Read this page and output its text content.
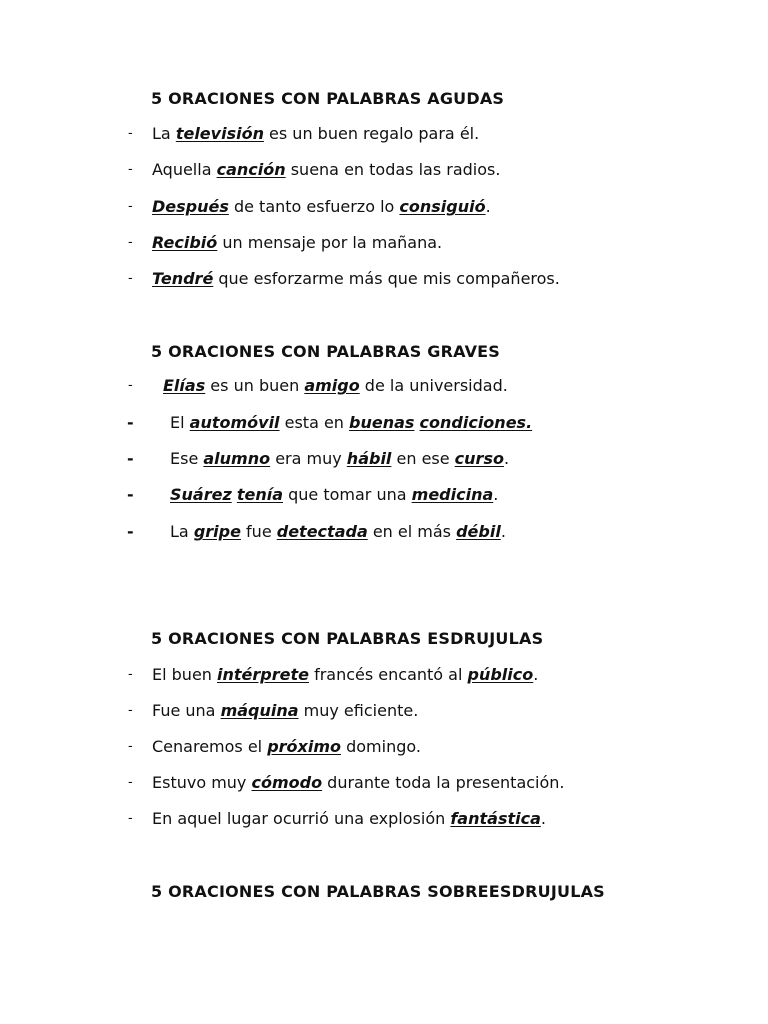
5 ORACIONES CON PALABRAS AGUDAS
- La televisión es un buen regalo para él.
- Aquella canción suena en todas las radios.
- Después de tanto esfuerzo lo consiguió.
- Recibió un mensaje por la mañana.
- Tendré que esforzarme más que mis compañeros.
5 ORACIONES CON PALABRAS GRAVES
- Elías es un buen amigo de la universidad.
- El automóvil esta en buenas condiciones.
- Ese alumno era muy hábil en ese curso.
- Suárez tenía que tomar una medicina.
- La gripe fue detectada en el más débil.
5 ORACIONES CON PALABRAS ESDRUJULAS
- El buen intérprete francés encantó al público.
- Fue una máquina muy eficiente.
- Cenaremos el próximo domingo.
- Estuvo muy cómodo durante toda la presentación.
- En aquel lugar ocurrió una explosión fantástica.
5 ORACIONES CON PALABRAS SOBREESDRUJULAS
